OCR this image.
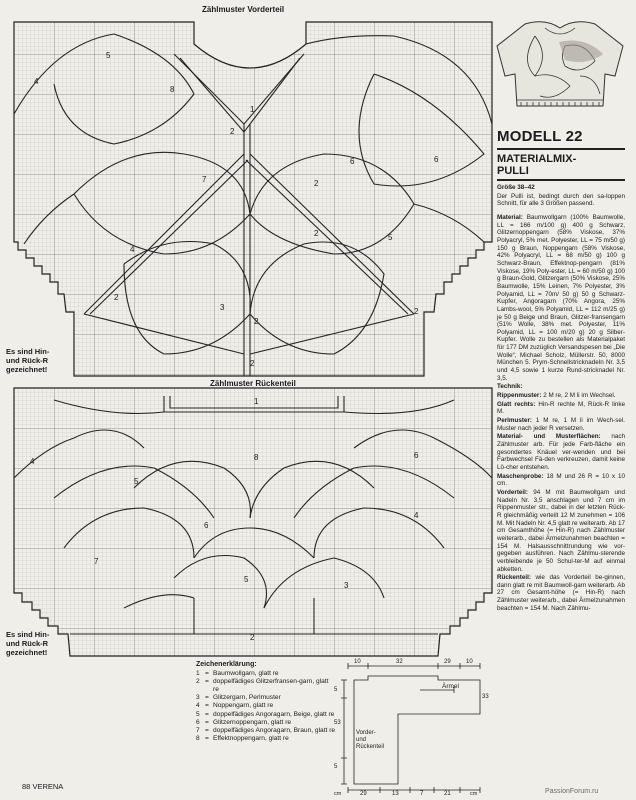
Zählmuster Vorderteil
5
4
8
1
6
7
6
5
4
3
2
2
2
2
2
2
2
Es sind Hin-
und Rück-R
gezeichnet!
Zählmuster Rückenteil
1
8
4
5
6
7
6
4
5
3
2
Es sind Hin-
und Rück-R
gezeichnet!
Zeichenerklärung:
1 = Baumwollgarn, glatt re
2 = doppelfädiges Glitzerfransen-garn, glatt re
3 = Glitzergarn, Perlmuster
4 = Noppengarn, glatt re
5 = doppelfädiges Angoragarn, Beige, glatt re
6 = Glitzernoppengarn, glatt re
7 = doppelfädiges Angoragarn, Braun, glatt re
8 = Effektnoppengarn, glatt re
10	32	29	10
5
53
5
33
Ärmel
cm	29	13	7	21	cm
Vorder-und Rückenteil
MODELL 22
MATERIALMIX-
PULLI
Größe 38–42
Der Pulli ist, bedingt durch den sa-loppen Schnitt, für alle 3 Größen passend.
Material: Baumwollgarn (100% Baumwolle, LL = 166 m/100 g) 400 g Schwarz, Glitzernoppengarn (58% Viskose, 37% Polyacryl, 5% met. Polyester, LL = 75 m/50 g) 150 g Braun, Noppengarn (58% Viskose, 42% Polyacryl, LL = 68 m/50 g) 100 g Schwarz-Braun, Effektnop-pengarn (81% Viskose, 19% Poly-ester, LL = 60 m/50 g) 100 g Braun-Gold, Glitzergarn (50% Viskose, 25% Baumwolle, 15% Leinen, 7% Polyester, 3% Polyamid, LL = 70m/ 50 g) 50 g Schwarz-Kupfer, Angoragarn (70% Angora, 25% Lambs-wool, 5% Polyamid, LL = 112 m/25 g) je 50 g Beige und Braun, Glitzer-fransengarn (51% Wolle, 38% met. Polyester, 11% Polyamid, LL = 100 m/20 g) 20 g Silber-Kupfer. Wolle zu bestellen als Materialpaket für 177 DM zuzüglich Versandspesen bei „Die Wolle“, Michael Scholz, Müllerstr. 50, 8000 München 5. Prym-Schnellstricknadeln Nr. 3,5 und 4,5 sowie 1 kurze Rund-stricknadel Nr. 3,5.
Technik:
Rippenmuster: 2 M re, 2 M li im Wechsel.
Glatt rechts: Hin-R rechte M, Rück-R linke M.
Perlmuster: 1 M re, 1 M li im Wech-sel. Muster nach jeder R versetzen.
Material- und Musterflächen: nach Zählmuster arb. Für jede Farb-fläche ein gesondertes Knäuel ver-wenden und bei Farbwechsel Fä-den verkreuzen, damit keine Lö-cher entstehen.
Maschenprobe: 18 M und 26 R = 10 x 10 cm.
Vorderteil: 94 M mit Baumwollgarn und Nadeln Nr. 3,5 anschlagen und 7 cm im Rippenmuster str., dabei in der letzten Rück-R gleichmäßig verteilt 12 M zunehmen = 106 M. Mit Nadeln Nr. 4,5 glatt re weiterarb. Ab 17 cm Gesamthöhe (= Hin-R) nach Zählmuster weiterarb., dabei Ärmelzunahmen beachten = 154 M. Halsausschnittrundung wie vor-gegeben ausführen. Nach Zählmu-sterende verbleibende je 50 Schul-ter-M auf einmal abketten.
Rückenteil: wie das Vorderteil be-ginnen, dann glatt re mit Baumwoll-garn weiterarb. Ab 27 cm Gesamt-höhe (= Hin-R) nach Zählmuster weiterarb., dabei Ärmelzunahmen beachten = 154 M. Nach Zählmu-
88 VERENA
PassionForum.ru
